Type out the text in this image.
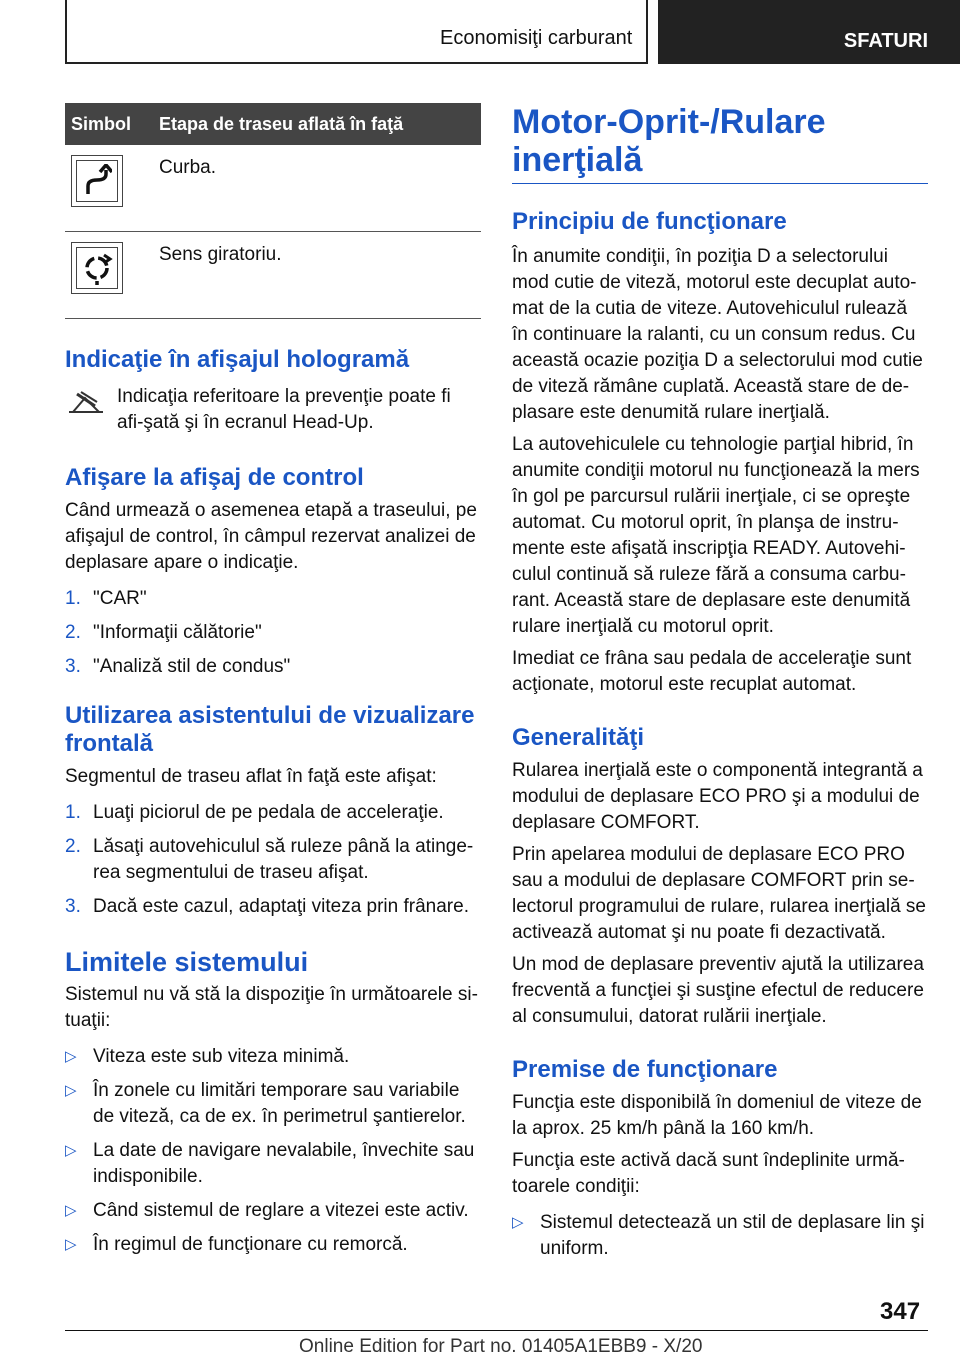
Economisiţi carburant	SFATURI
Simbol	Etapa de traseu aflată în faţă

	Curba.

	Sens giratoriu.
Indicaţie în afişajul hologramă

Indicaţia referitoare la prevenţie poate fi afi‐şată şi în ecranul Head-Up.

Afişare la afişaj de control

Când urmează o asemenea etapă a traseului, pe afişajul de control, în câmpul rezervat analizei de deplasare apare o indicaţie.

1. "CAR"
2. "Informaţii călătorie"
3. "Analiză stil de condus"
Utilizarea asistentului de vizualizare frontală

Segmentul de traseu aflat în faţă este afişat:

1. Luaţi piciorul de pe pedala de acceleraţie.
2. Lăsaţi autovehiculul să ruleze până la atinge‐rea segmentului de traseu afişat.
3. Dacă este cazul, adaptaţi viteza prin frânare.
Limitele sistemului

Sistemul nu vă stă la dispoziţie în următoarele si‐tuaţii:

▷ Viteza este sub viteza minimă.
▷ În zonele cu limitări temporare sau variabile de viteză, ca de ex. în perimetrul şantierelor.
▷ La date de navigare nevalabile, învechite sau indisponibile.
▷ Când sistemul de reglare a vitezei este activ.
▷ În regimul de funcţionare cu remorcă.
Motor-Oprit-/Rulare inerţială
Principiu de funcţionare

În anumite condiţii, în poziţia D a selectorului mod cutie de viteză, motorul este decuplat auto‐mat de la cutia de viteze. Autovehiculul rulează în continuare la ralanti, cu un consum redus. Cu această ocazie poziţia D a selectorului mod cutie de viteză rămâne cuplată. Această stare de de‐plasare este denumită rulare inerţială.

La autovehiculele cu tehnologie parţial hibrid, în anumite condiţii motorul nu funcţionează la mers în gol pe parcursul rulării inerţiale, ci se opreşte automat. Cu motorul oprit, în planşa de instru‐mente este afişată inscripţia READY. Autovehi‐culul continuă să ruleze fără a consuma carbu‐rant. Această stare de deplasare este denumită rulare inerţială cu motorul oprit.

Imediat ce frâna sau pedala de acceleraţie sunt acţionate, motorul este recuplat automat.

Generalităţi

Rularea inerţială este o componentă integrantă a modului de deplasare ECO PRO şi a modului de deplasare COMFORT.

Prin apelarea modului de deplasare ECO PRO sau a modului de deplasare COMFORT prin se‐lectorul programului de rulare, rularea inerţială se activează automat şi nu poate fi dezactivată.

Un mod de deplasare preventiv ajută la utilizarea frecventă a funcţiei şi susţine efectul de reducere al consumului, datorat rulării inerţiale.

Premise de funcţionare

Funcţia este disponibilă în domeniul de viteze de la aprox. 25 km/h până la 160 km/h.

Funcţia este activă dacă sunt îndeplinite urmă‐toarele condiţii:

▷ Sistemul detectează un stil de deplasare lin şi uniform.
347
Online Edition for Part no. 01405A1EBB9 - X/20
